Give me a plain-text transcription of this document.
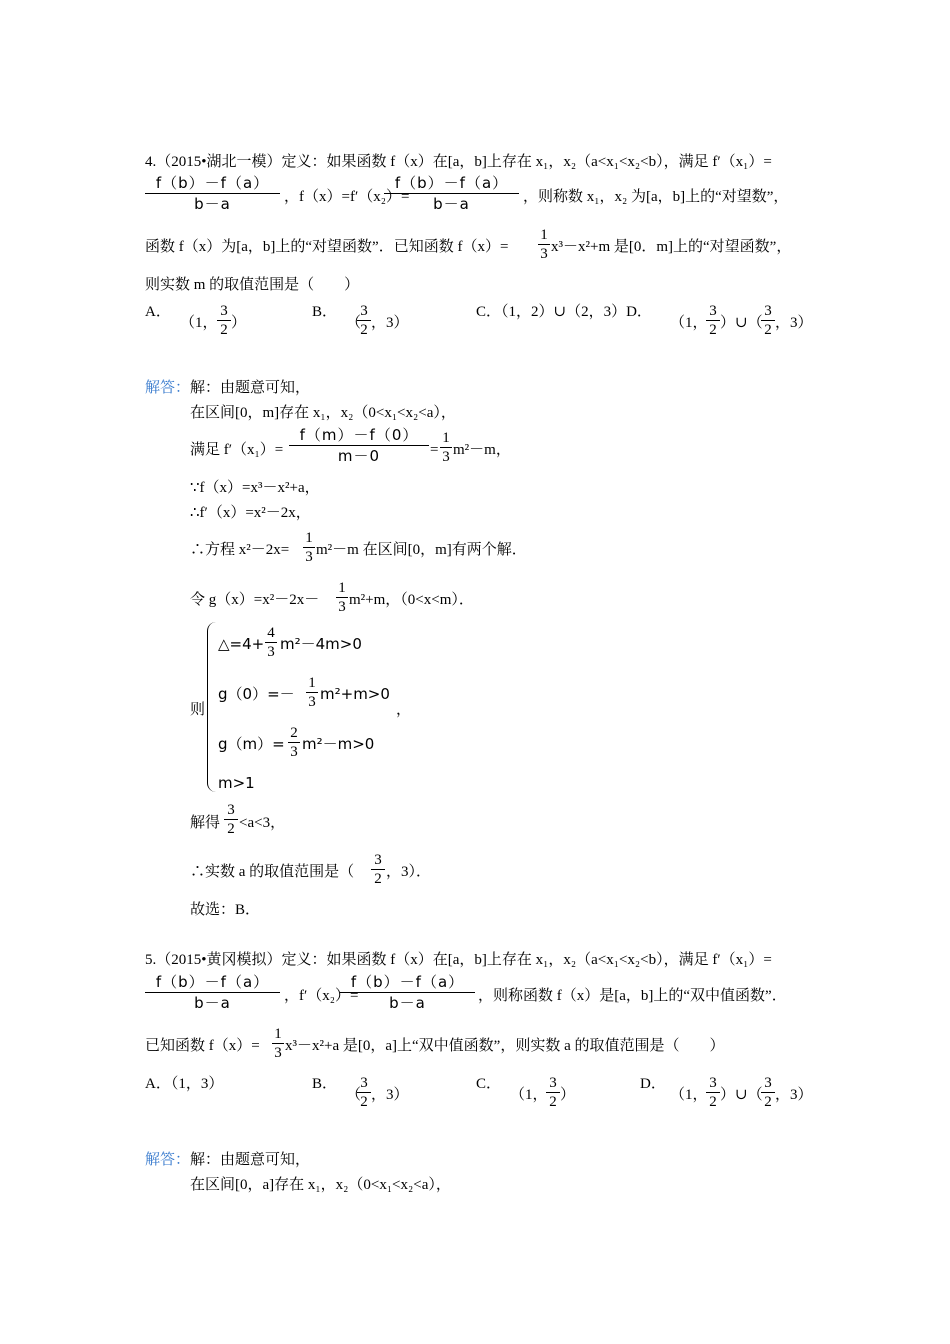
4.（2015•湖北一模）定义：如果函数 f（x）在[a，b]上存在 x₁，x₂（a<x₁<x₂<b），满足 f′（x₁）=
f（b）－f（a）
b－a	，f（x）=f′（x₂）=
f（b）－f（a）
b－a	，则称数 x₁，x₂ 为[a，b]上的“对望数”，
函数 f（x）为[a，b]上的“对望函数”．已知函数 f（x）=
1
3 x³－x²+m 是[0．m]上的“对望函数”，
则实数 m 的取值范围是（　　）
A．
（1，
3
2 ）
B．
（
3
2 ，3）
C．（1，2）∪（2，3）D．
（1，
3
2 ）∪（
3
2 ，3）
解答： 解：由题意可知，
在区间[0，m]存在 x₁，x₂（0<x₁<x₂<a），
满足 f′（x₁）=
f（m）－f（0）
m－0	=
1
3 m²－m，
∵f（x）=x³－x²+a，
∴f′（x）=x²－2x，
∴方程 x²－2x=
1
3 m²－m 在区间[0，m]有两个解．
令 g（x）=x²－2x－
1
3 m²+m，（0<x<m）．
则
△=4+
4
3 m²－4m>0
g（0）=－
1
3 m²+m>0
，
g（m）=
2
3 m²－m>0
m>1
解得
3
2 <a<3，
∴实数 a 的取值范围是（
3
2 ，3）．
故选：B．
5.（2015•黄冈模拟）定义：如果函数 f（x）在[a，b]上存在 x₁，x₂（a<x₁<x₂<b），满足 f′（x₁）=
f（b）－f（a）
b－a	，f′（x₂）=
f（b）－f（a）
b－a	，则称函数 f（x）是[a，b]上的“双中值函数”．
已知函数 f（x）=
1
3 x³－x²+a 是[0，a]上“双中值函数”，则实数 a 的取值范围是（　　）
A．（1，3）	B．
（
3
2 ，3）
C．
（1，
3
2 ）
D．
（1，
3
2 ）∪（
3
2 ，3）
解答： 解：由题意可知，
在区间[0，a]存在 x₁，x₂（0<x₁<x₂<a），
